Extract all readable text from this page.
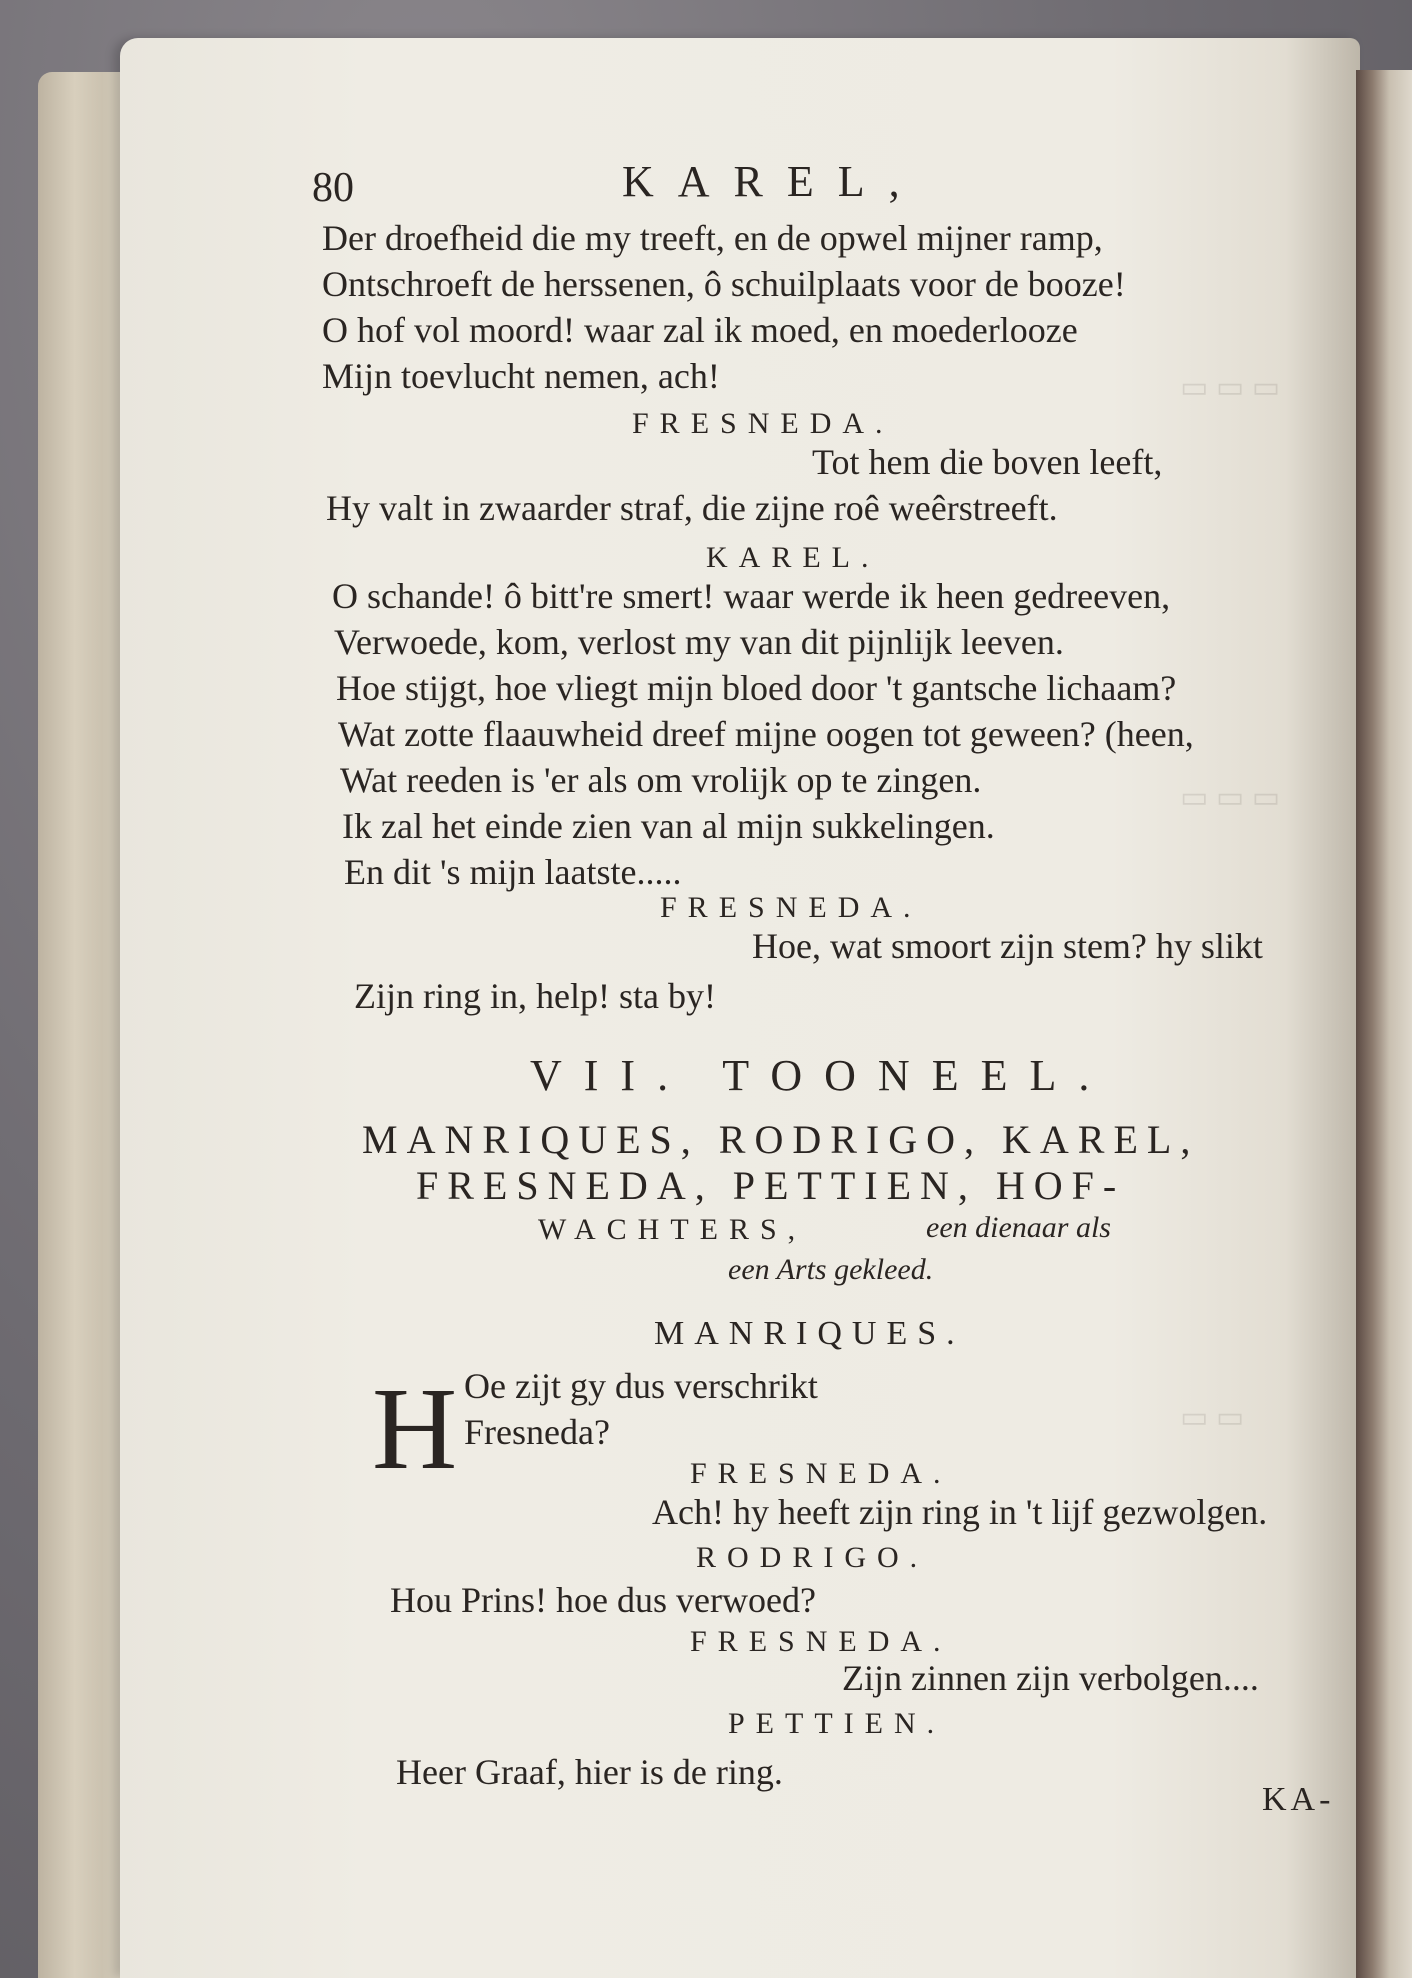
▭ ▭ ▭
▭ ▭ ▭
▭ ▭
80	KAREL,
Der droefheid die my treeft, en de opwel mijner ramp,
Ontschroeft de herssenen, ô schuilplaats voor de booze!
O hof vol moord! waar zal ik moed, en moederlooze
Mijn toevlucht nemen, ach!
FRESNEDA.
Tot hem die boven leeft,
Hy valt in zwaarder straf, die zijne roê weêrstreeft.
KAREL.
O schande! ô bitt're smert! waar werde ik heen gedreeven,
Verwoede, kom, verlost my van dit pijnlijk leeven.
Hoe stijgt, hoe vliegt mijn bloed door 't gantsche lichaam?
Wat zotte flaauwheid dreef mijne oogen tot geween? (heen,
Wat reeden is 'er als om vrolijk op te zingen.
Ik zal het einde zien van al mijn sukkelingen.
En dit 's mijn laatste.....
FRESNEDA.
Hoe, wat smoort zijn stem? hy slikt
Zijn ring in, help! sta by!
VII. TOONEEL.
MANRIQUES, RODRIGO, KAREL,
FRESNEDA, PETTIEN, HOF-
WACHTERS,	een dienaar als
een Arts gekleed.
MANRIQUES.
H Oe zijt gy dus verschrikt
Fresneda?
FRESNEDA.
Ach! hy heeft zijn ring in 't lijf gezwolgen.
RODRIGO.
Hou Prins! hoe dus verwoed?
FRESNEDA.
Zijn zinnen zijn verbolgen....
PETTIEN.
Heer Graaf, hier is de ring.
KA-
